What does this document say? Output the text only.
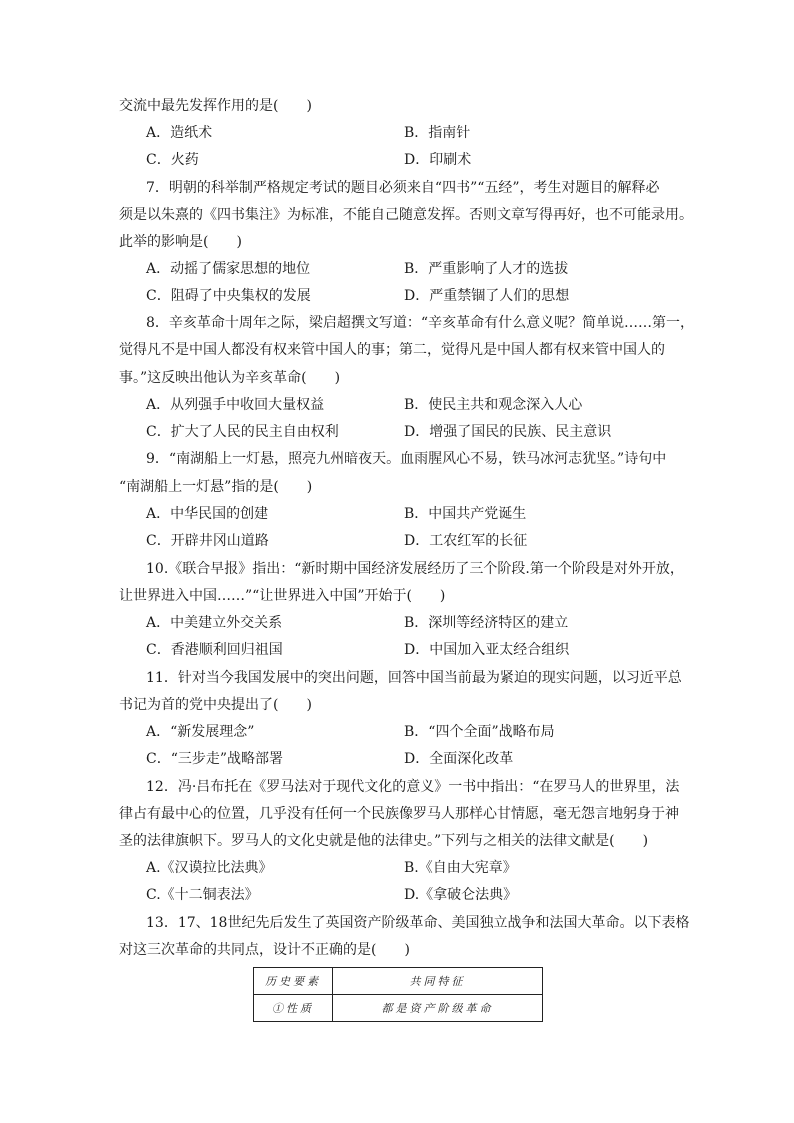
交流中最先发挥作用的是(　　)
A．造纸术	B．指南针
C．火药	D．印刷术
7．明朝的科举制严格规定考试的题目必须来自“四书”“五经”，考生对题目的解释必
须是以朱熹的《四书集注》为标准，不能自己随意发挥。否则文章写得再好，也不可能录用。
此举的影响是(　　)
A．动摇了儒家思想的地位	B．严重影响了人才的选拔
C．阻碍了中央集权的发展	D．严重禁锢了人们的思想
8．辛亥革命十周年之际，梁启超撰文写道：“辛亥革命有什么意义呢？简单说……第一，
觉得凡不是中国人都没有权来管中国人的事；第二，觉得凡是中国人都有权来管中国人的
事。”这反映出他认为辛亥革命(　　)
A．从列强手中收回大量权益	B．使民主共和观念深入人心
C．扩大了人民的民主自由权利	D．增强了国民的民族、民主意识
9．“南湖船上一灯悬，照亮九州暗夜天。血雨腥风心不易，铁马冰河志犹坚。”诗句中
“南湖船上一灯悬”指的是(　　)
A．中华民国的创建	B．中国共产党诞生
C．开辟井冈山道路	D．工农红军的长征
10.《联合早报》指出：“新时期中国经济发展经历了三个阶段.第一个阶段是对外开放，
让世界进入中国……”“让世界进入中国”开始于(　　)
A．中美建立外交关系	B．深圳等经济特区的建立
C．香港顺利回归祖国	D．中国加入亚太经合组织
11．针对当今我国发展中的突出问题，回答中国当前最为紧迫的现实问题，以习近平总
书记为首的党中央提出了(　　)
A．“新发展理念”	B．“四个全面”战略布局
C．“三步走”战略部署	D．全面深化改革
12．冯·吕布托在《罗马法对于现代文化的意义》一书中指出：“在罗马人的世界里，法
律占有最中心的位置，几乎没有任何一个民族像罗马人那样心甘情愿，毫无怨言地躬身于神
圣的法律旗帜下。罗马人的文化史就是他的法律史。”下列与之相关的法律文献是(　　)
A.《汉谟拉比法典》	B.《自由大宪章》
C.《十二铜表法》	D.《拿破仑法典》
13．17、18世纪先后发生了英国资产阶级革命、美国独立战争和法国大革命。以下表格
对这三次革命的共同点，设计不正确的是(　　)
历史要素	共同特征
①性质	都是资产阶级革命
